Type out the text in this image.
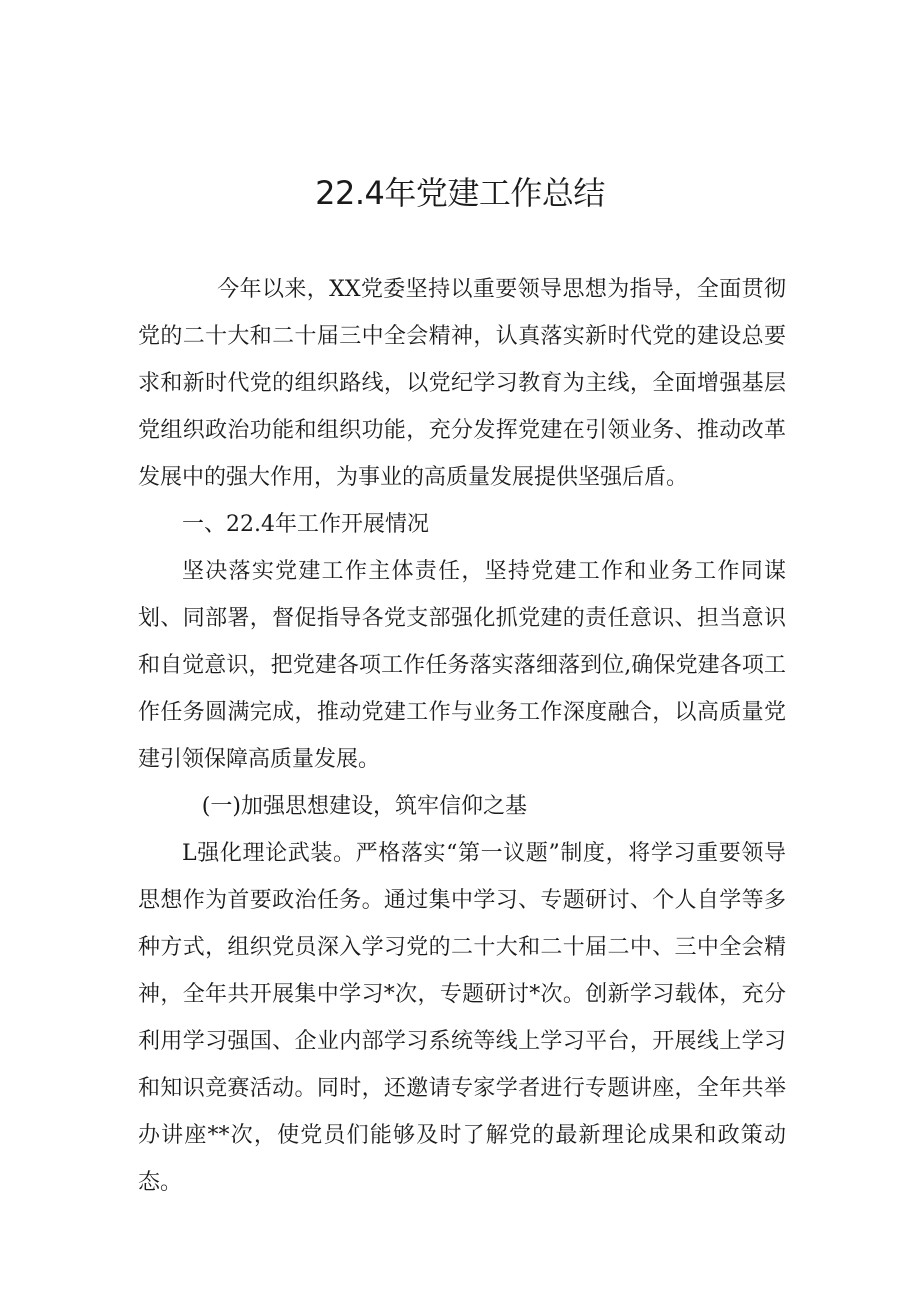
22.4年党建工作总结

今年以来，XX党委坚持以重要领导思想为指导，全面贯彻党的二十大和二十届三中全会精神，认真落实新时代党的建设总要求和新时代党的组织路线，以党纪学习教育为主线，全面增强基层党组织政治功能和组织功能，充分发挥党建在引领业务、推动改革发展中的强大作用，为事业的高质量发展提供坚强后盾。

一、22.4年工作开展情况

坚决落实党建工作主体责任，坚持党建工作和业务工作同谋划、同部署，督促指导各党支部强化抓党建的责任意识、担当意识和自觉意识，把党建各项工作任务落实落细落到位,确保党建各项工作任务圆满完成，推动党建工作与业务工作深度融合，以高质量党建引领保障高质量发展。

(一)加强思想建设，筑牢信仰之基

L强化理论武装。严格落实“第一议题”制度，将学习重要领导思想作为首要政治任务。通过集中学习、专题研讨、个人自学等多种方式，组织党员深入学习党的二十大和二十届二中、三中全会精神，全年共开展集中学习*次，专题研讨*次。创新学习载体，充分利用学习强国、企业内部学习系统等线上学习平台，开展线上学习和知识竞赛活动。同时，还邀请专家学者进行专题讲座，全年共举办讲座**次，使党员们能够及时了解党的最新理论成果和政策动态。
